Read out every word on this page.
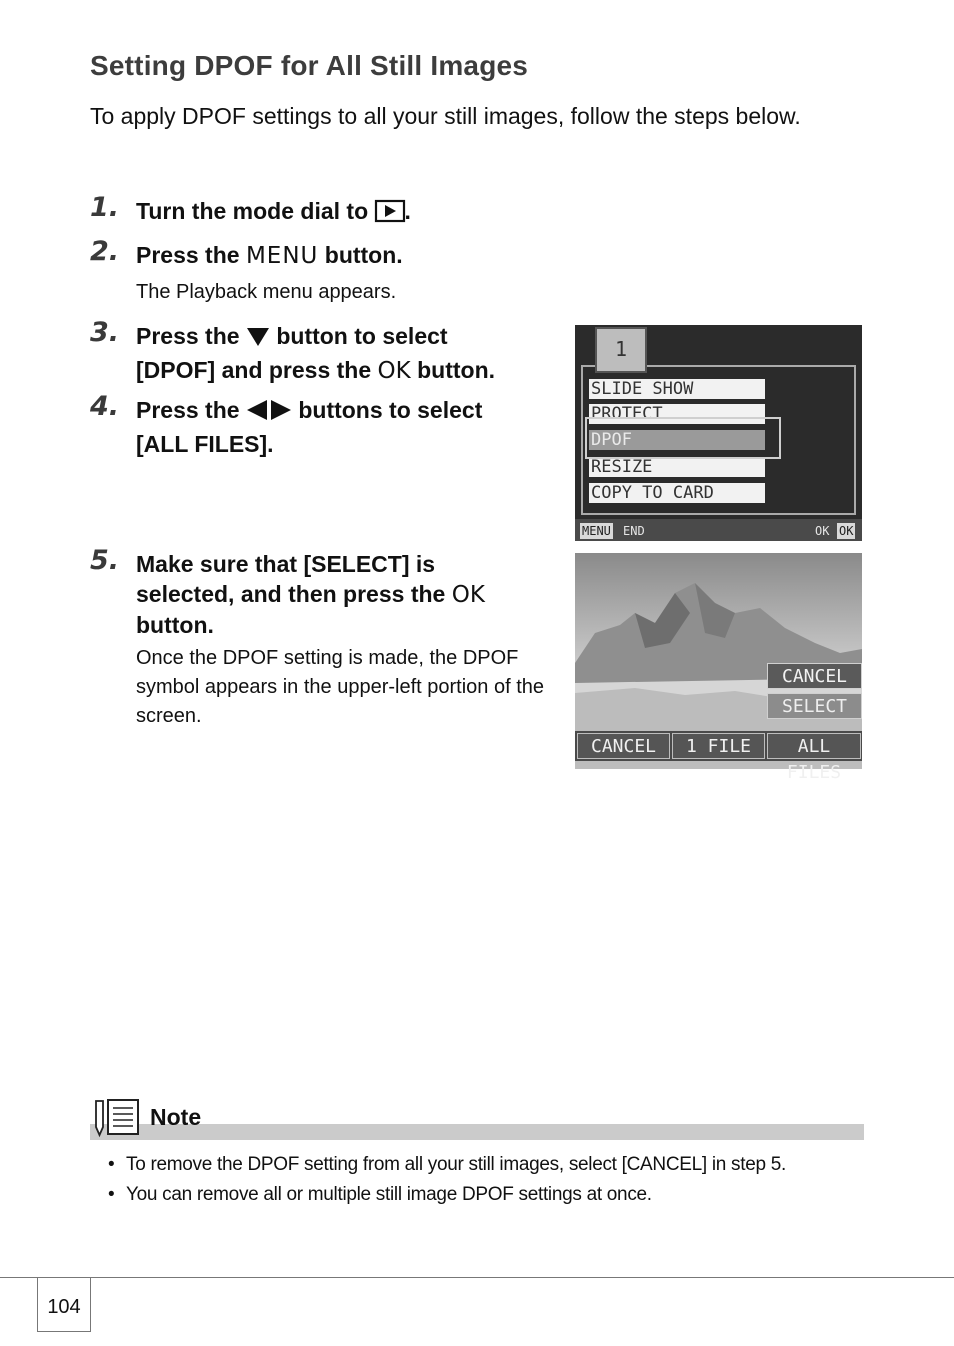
Setting DPOF for All Still Images
To apply DPOF settings to all your still images, follow the steps below.
1. Turn the mode dial to .
2. Press the MENU button.
The Playback menu appears.
3. Press the  button to select
[DPOF] and press the OK button.
4. Press the  buttons to select
[ALL FILES].
1
SLIDE SHOW
PROTECT
DPOF
RESIZE
COPY TO CARD
MENU END	OK OK
5. Make sure that [SELECT] is
selected, and then press the OK
button.
Once the DPOF setting is made, the DPOF symbol appears in the upper-left portion of the screen.
CANCEL
SELECT
CANCEL	1 FILE	ALL FILES
Note
• To remove the DPOF setting from all your still images, select [CANCEL] in step 5.
• You can remove all or multiple still image DPOF settings at once.
104
